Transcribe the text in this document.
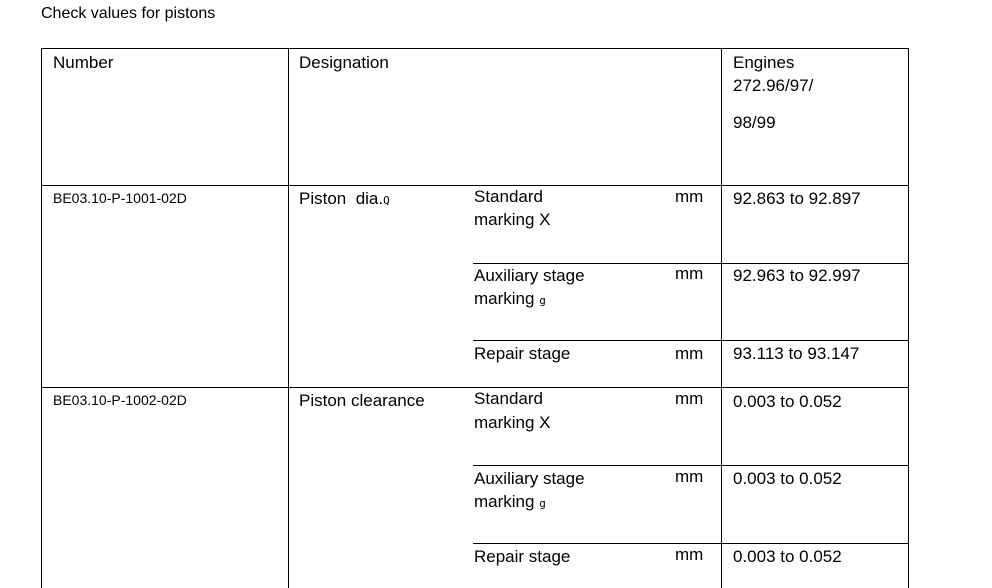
Check values for pistons
Number	Designation	Engines
272.96/97/
98/99
BE03.10-P-1001-02D	Piston  dia.Q	Standard
marking X
mm 92.863 to 92.897
Auxiliary stage
marking g
mm 92.963 to 92.997
Repair stage	mm 93.113 to 93.147
BE03.10-P-1002-02D	Piston clearance	Standard
marking X
mm 0.003 to 0.052
Auxiliary stage
marking g
mm 0.003 to 0.052
Repair stage	mm 0.003 to 0.052
